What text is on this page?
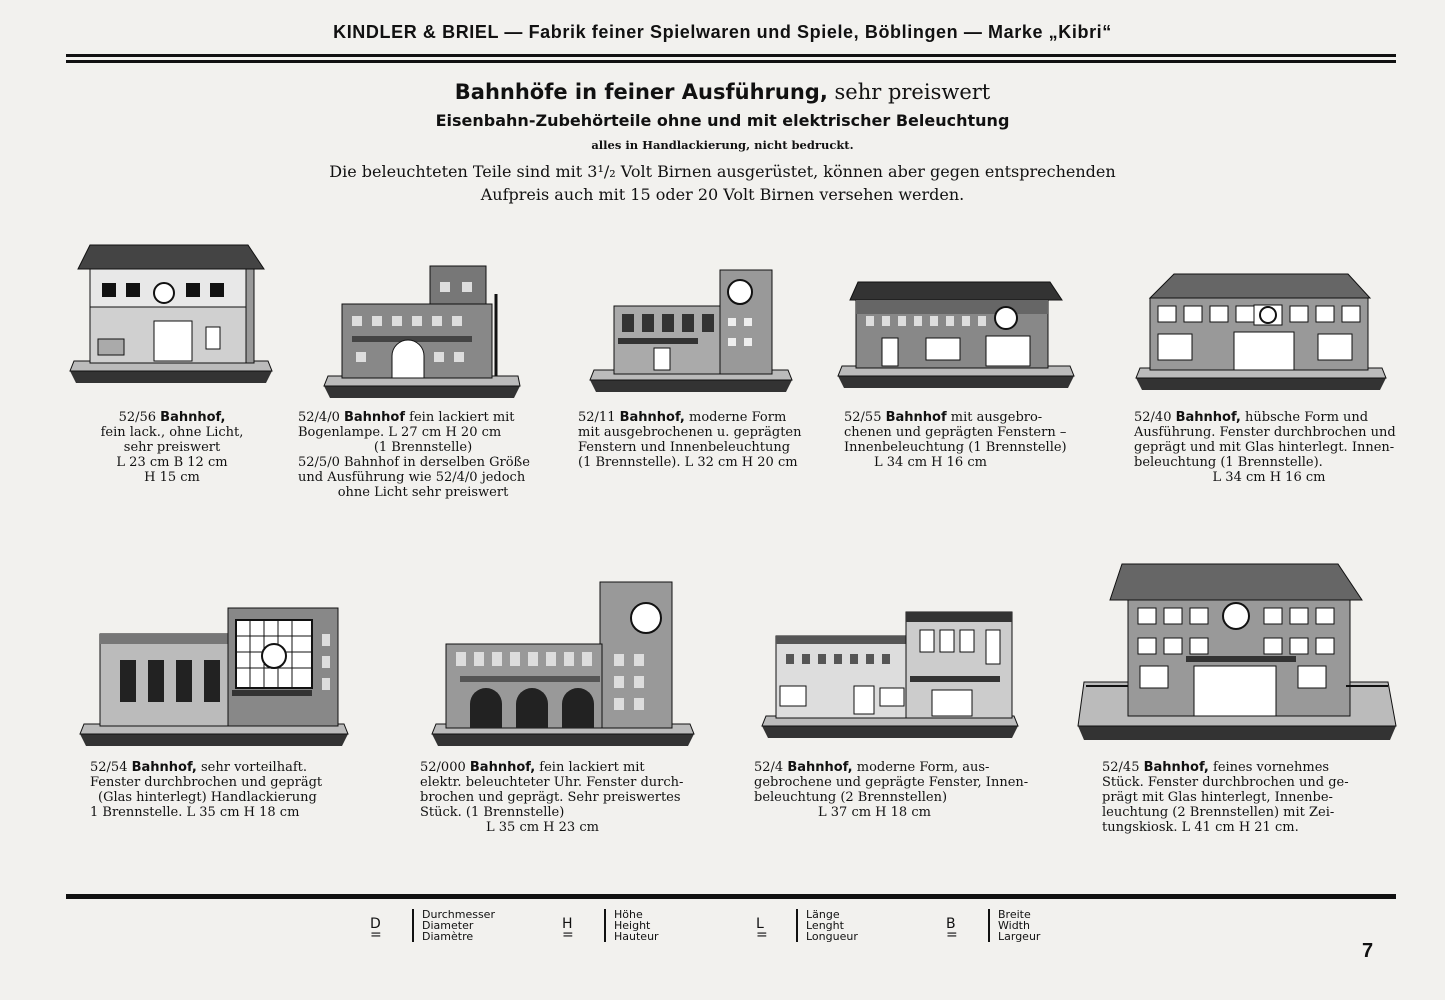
KINDLER & BRIEL — Fabrik feiner Spielwaren und Spiele, Böblingen — Marke „Kibri“
Bahnhöfe in feiner Ausführung, sehr preiswert
Eisenbahn-Zubehörteile ohne und mit elektrischer Beleuchtung
alles in Handlackierung, nicht bedruckt.
Die beleuchteten Teile sind mit 3¹/₂ Volt Birnen ausgerüstet, können aber gegen entsprechenden
Aufpreis auch mit 15 oder 20 Volt Birnen versehen werden.
52/56 Bahnhof,
fein lack., ohne Licht,
sehr preiswert
L 23 cm B 12 cm
H 15 cm
52/4/0 Bahnhof fein lackiert mit
Bogenlampe. L 27 cm H 20 cm
(1 Brennstelle)
52/5/0 Bahnhof in derselben Größe
und Ausführung wie 52/4/0 jedoch
ohne Licht sehr preiswert
52/11 Bahnhof, moderne Form
mit ausgebrochenen u. geprägten
Fenstern und Innenbeleuchtung
(1 Brennstelle). L 32 cm H 20 cm
52/55 Bahnhof mit ausgebro-
chenen und geprägten Fenstern –
Innenbeleuchtung (1 Brennstelle)
L 34 cm H 16 cm
52/40 Bahnhof, hübsche Form und
Ausführung. Fenster durchbrochen und
geprägt und mit Glas hinterlegt. Innen-
beleuchtung (1 Brennstelle).
L 34 cm H 16 cm
52/54 Bahnhof, sehr vorteilhaft.
Fenster durchbrochen und geprägt
(Glas hinterlegt) Handlackierung
1 Brennstelle. L 35 cm H 18 cm
52/000 Bahnhof, fein lackiert mit
elektr. beleuchteter Uhr. Fenster durch-
brochen und geprägt. Sehr preiswertes
Stück. (1 Brennstelle)
L 35 cm H 23 cm
52/4 Bahnhof, moderne Form, aus-
gebrochene und geprägte Fenster, Innen-
beleuchtung (2 Brennstellen)
L 37 cm H 18 cm
52/45 Bahnhof, feines vornehmes
Stück. Fenster durchbrochen und ge-
prägt mit Glas hinterlegt, Innenbe-
leuchtung (2 Brennstellen) mit Zei-
tungskiosk. L 41 cm H 21 cm.
D =
Durchmesser
Diameter
Diamètre
H =
Höhe
Height
Hauteur
L =
Länge
Lenght
Longueur
B =
Breite
Width
Largeur
7
